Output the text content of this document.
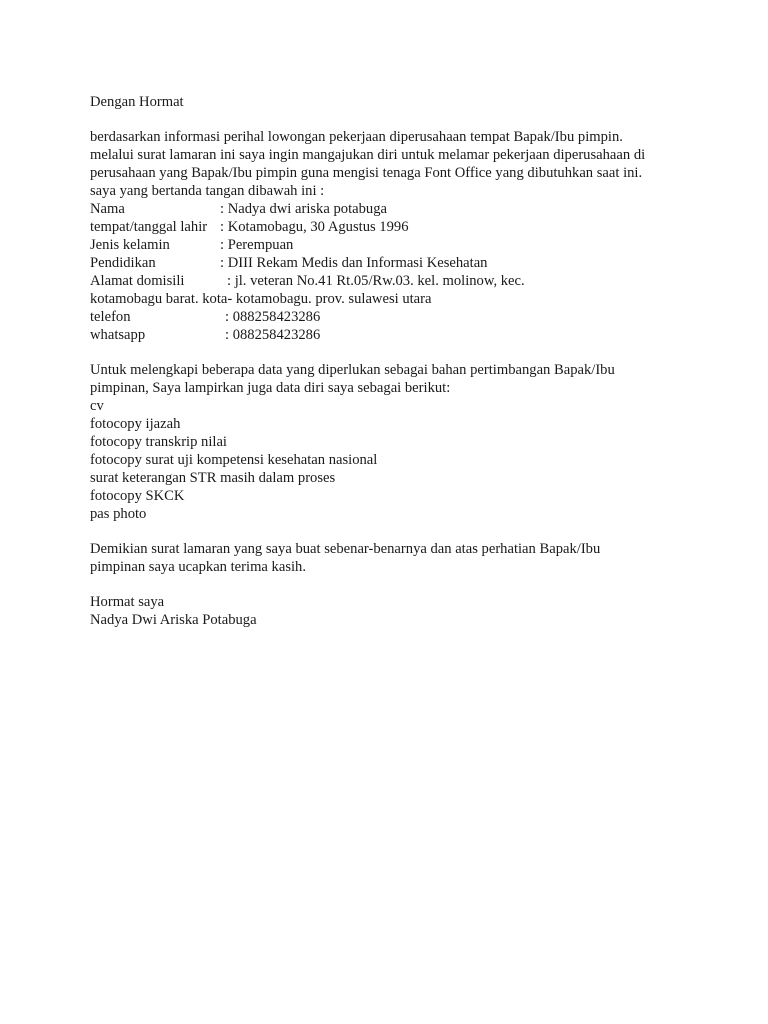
Dengan Hormat
berdasarkan informasi perihal lowongan pekerjaan diperusahaan tempat Bapak/Ibu pimpin.
melalui surat lamaran ini saya ingin mangajukan diri untuk melamar pekerjaan diperusahaan di
perusahaan yang Bapak/Ibu pimpin guna mengisi tenaga Font Office yang dibutuhkan saat ini.
saya yang bertanda tangan dibawah ini :
Nama	: Nadya dwi ariska potabuga
tempat/tanggal lahir : Kotamobagu, 30 Agustus 1996
Jenis kelamin	: Perempuan
Pendidikan	: DIII Rekam Medis dan Informasi Kesehatan
Alamat domisili	: jl. veteran No.41 Rt.05/Rw.03. kel. molinow, kec.
kotamobagu barat. kota- kotamobagu. prov. sulawesi utara
telefon	: 088258423286
whatsapp	: 088258423286
Untuk melengkapi beberapa data yang diperlukan sebagai bahan pertimbangan Bapak/Ibu
pimpinan, Saya lampirkan juga data diri saya sebagai berikut:
cv
fotocopy ijazah
fotocopy transkrip nilai
fotocopy surat uji kompetensi kesehatan nasional
surat keterangan STR masih dalam proses
fotocopy SKCK
pas photo
Demikian surat lamaran yang saya buat sebenar-benarnya dan atas perhatian Bapak/Ibu
pimpinan saya ucapkan terima kasih.
Hormat saya
Nadya Dwi Ariska Potabuga
